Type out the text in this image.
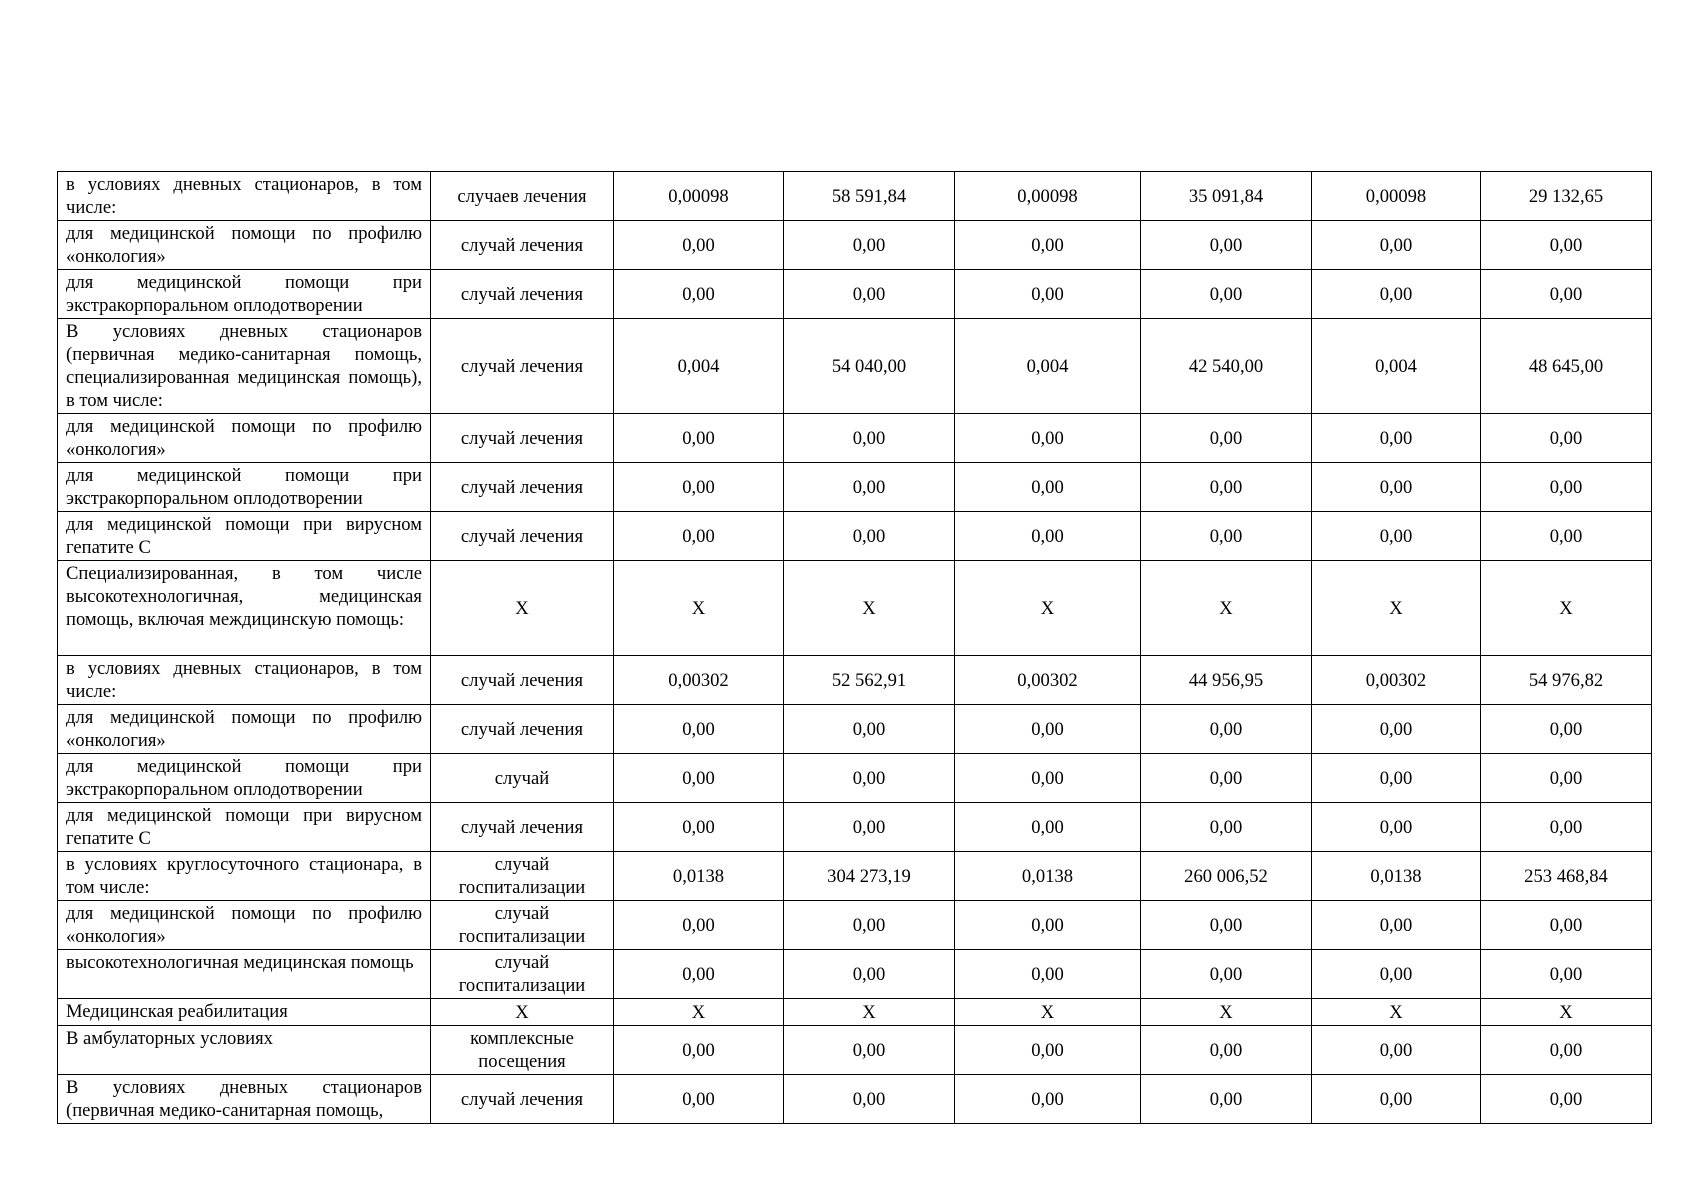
в условиях дневных стационаров, в том числе:	случаев лечения	0,00098	58 591,84	0,00098	35 091,84	0,00098	29 132,65
для медицинской помощи по профилю «онкология»	случай лечения	0,00	0,00	0,00	0,00	0,00	0,00
для медицинской помощи при экстракорпоральном оплодотворении	случай лечения	0,00	0,00	0,00	0,00	0,00	0,00
В условиях дневных стационаров (первичная медико-санитарная помощь, специализированная медицинская помощь), в том числе:	случай лечения	0,004	54 040,00	0,004	42 540,00	0,004	48 645,00
для медицинской помощи по профилю «онкология»	случай лечения	0,00	0,00	0,00	0,00	0,00	0,00
для медицинской помощи при экстракорпоральном оплодотворении	случай лечения	0,00	0,00	0,00	0,00	0,00	0,00
для медицинской помощи при вирусном гепатите С	случай лечения	0,00	0,00	0,00	0,00	0,00	0,00
Специализированная, в том числе высокотехнологичная, медицинская помощь, включая междицинскую помощь:	X	X	X	X	X	X	X
в условиях дневных стационаров, в том числе:	случай лечения	0,00302	52 562,91	0,00302	44 956,95	0,00302	54 976,82
для медицинской помощи по профилю «онкология»	случай лечения	0,00	0,00	0,00	0,00	0,00	0,00
для медицинской помощи при экстракорпоральном оплодотворении	случай	0,00	0,00	0,00	0,00	0,00	0,00
для медицинской помощи при вирусном гепатите С	случай лечения	0,00	0,00	0,00	0,00	0,00	0,00
в условиях круглосуточного стационара, в том числе:	случай госпитализации	0,0138	304 273,19	0,0138	260 006,52	0,0138	253 468,84
для медицинской помощи по профилю «онкология»	случай госпитализации	0,00	0,00	0,00	0,00	0,00	0,00
высокотехнологичная медицинская помощь	случай госпитализации	0,00	0,00	0,00	0,00	0,00	0,00
Медицинская реабилитация	X	X	X	X	X	X	X
В амбулаторных условиях	комплексные посещения	0,00	0,00	0,00	0,00	0,00	0,00
В условиях дневных стационаров (первичная медико-санитарная помощь,	случай лечения	0,00	0,00	0,00	0,00	0,00	0,00
